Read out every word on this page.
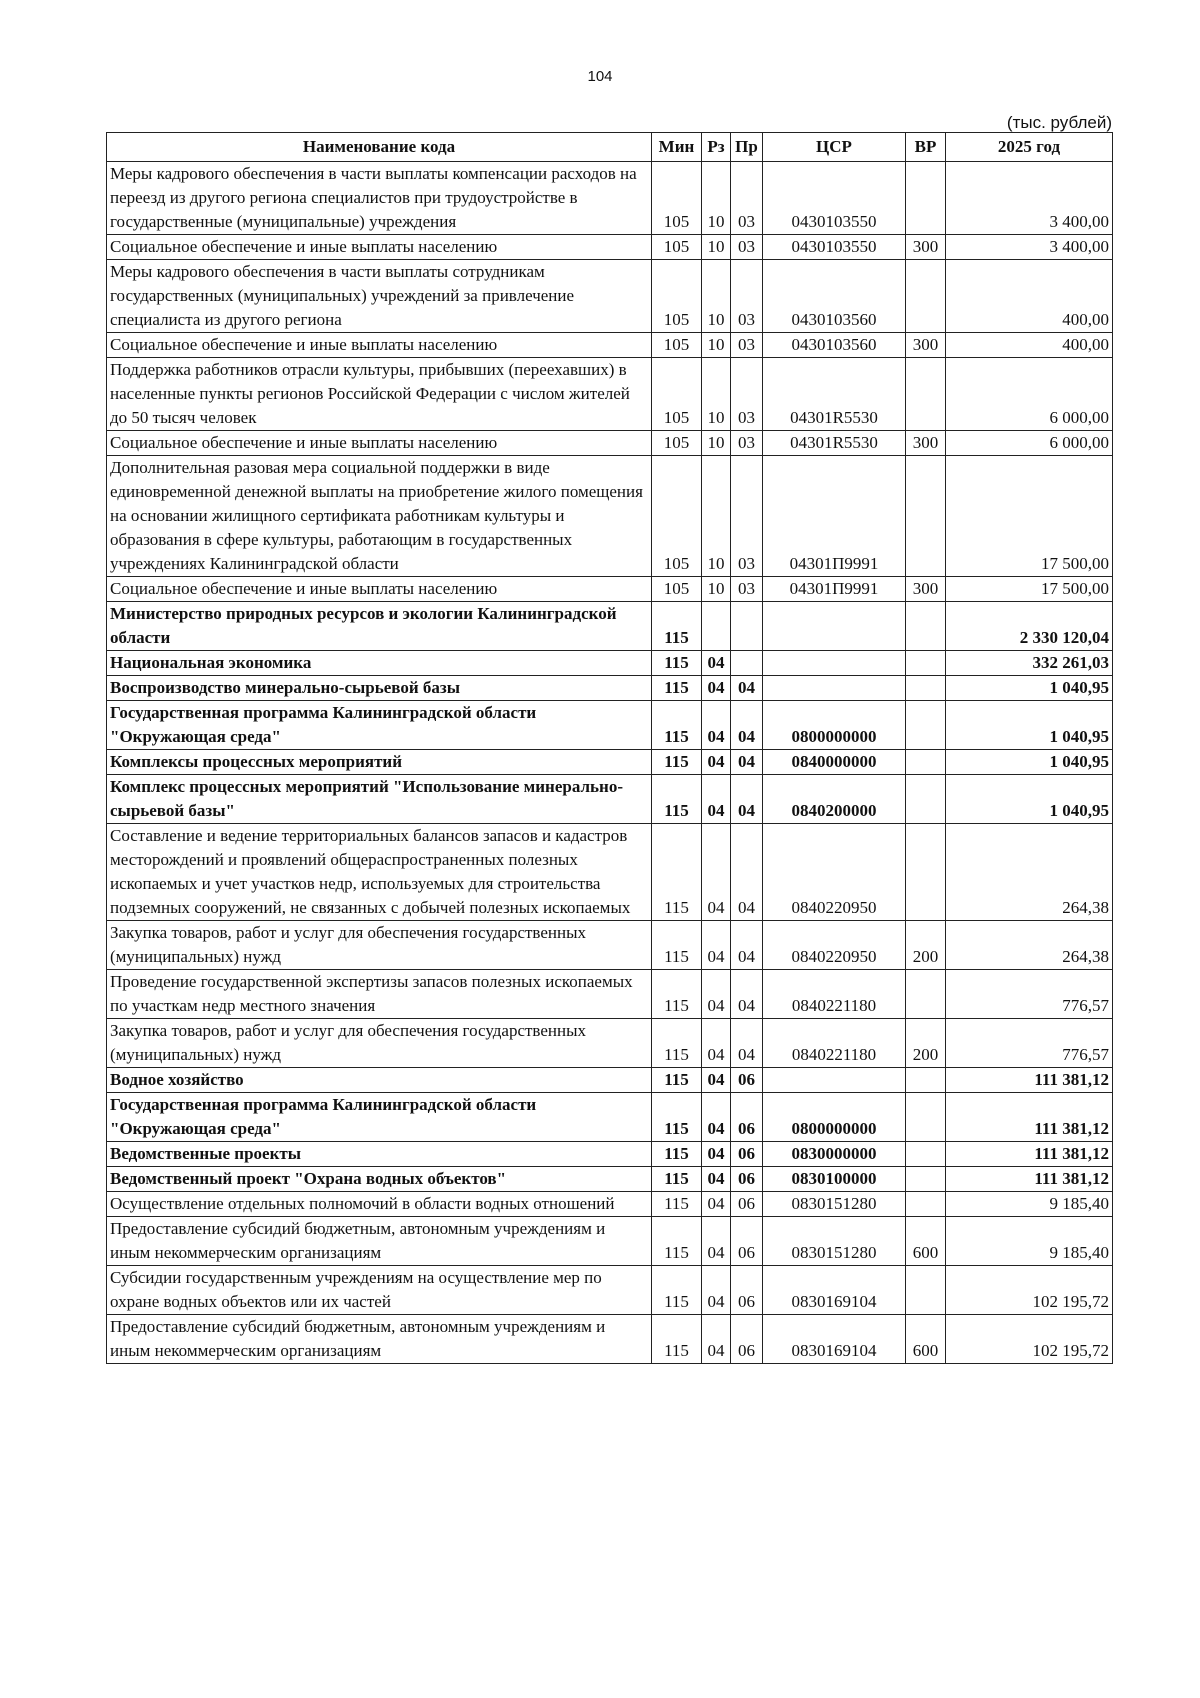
104
(тыс. рублей)
Наименование кода	Мин	Рз	Пр	ЦСР	ВР	2025 год
Меры кадрового обеспечения в части выплаты компенсации расходов на переезд из другого региона специалистов при трудоустройстве в государственные (муниципальные) учреждения	105	10	03	0430103550		3 400,00
Социальное обеспечение и иные выплаты населению	105	10	03	0430103550	300	3 400,00
Меры кадрового обеспечения в части выплаты сотрудникам государственных (муниципальных) учреждений за привлечение специалиста из другого региона	105	10	03	0430103560		400,00
Социальное обеспечение и иные выплаты населению	105	10	03	0430103560	300	400,00
Поддержка работников отрасли культуры, прибывших (переехавших) в населенные пункты регионов Российской Федерации с числом жителей до 50 тысяч человек	105	10	03	04301R5530		6 000,00
Социальное обеспечение и иные выплаты населению	105	10	03	04301R5530	300	6 000,00
Дополнительная разовая мера социальной поддержки в виде единовременной денежной выплаты на приобретение жилого помещения на основании жилищного сертификата работникам культуры и образования в сфере культуры, работающим в государственных учреждениях Калининградской области	105	10	03	04301П9991		17 500,00
Социальное обеспечение и иные выплаты населению	105	10	03	04301П9991	300	17 500,00
Министерство природных ресурсов и экологии Калининградской области	115					2 330 120,04
Национальная экономика	115	04				332 261,03
Воспроизводство минерально-сырьевой базы	115	04	04			1 040,95
Государственная программа Калининградской области "Окружающая среда"	115	04	04	0800000000		1 040,95
Комплексы процессных мероприятий	115	04	04	0840000000		1 040,95
Комплекс процессных мероприятий "Использование минерально-сырьевой базы"	115	04	04	0840200000		1 040,95
Составление и ведение территориальных балансов запасов и кадастров месторождений и проявлений общераспространенных полезных ископаемых и учет участков недр, используемых для строительства подземных сооружений, не связанных с добычей полезных ископаемых	115	04	04	0840220950		264,38
Закупка товаров, работ и услуг для обеспечения государственных (муниципальных) нужд	115	04	04	0840220950	200	264,38
Проведение государственной экспертизы запасов полезных ископаемых по участкам недр местного значения	115	04	04	0840221180		776,57
Закупка товаров, работ и услуг для обеспечения государственных (муниципальных) нужд	115	04	04	0840221180	200	776,57
Водное хозяйство	115	04	06			111 381,12
Государственная программа Калининградской области "Окружающая среда"	115	04	06	0800000000		111 381,12
Ведомственные проекты	115	04	06	0830000000		111 381,12
Ведомственный проект "Охрана водных объектов"	115	04	06	0830100000		111 381,12
Осуществление отдельных полномочий в области водных отношений	115	04	06	0830151280		9 185,40
Предоставление субсидий бюджетным, автономным учреждениям и иным некоммерческим организациям	115	04	06	0830151280	600	9 185,40
Субсидии государственным учреждениям на осуществление мер по охране водных объектов или их частей	115	04	06	0830169104		102 195,72
Предоставление субсидий бюджетным, автономным учреждениям и иным некоммерческим организациям	115	04	06	0830169104	600	102 195,72
